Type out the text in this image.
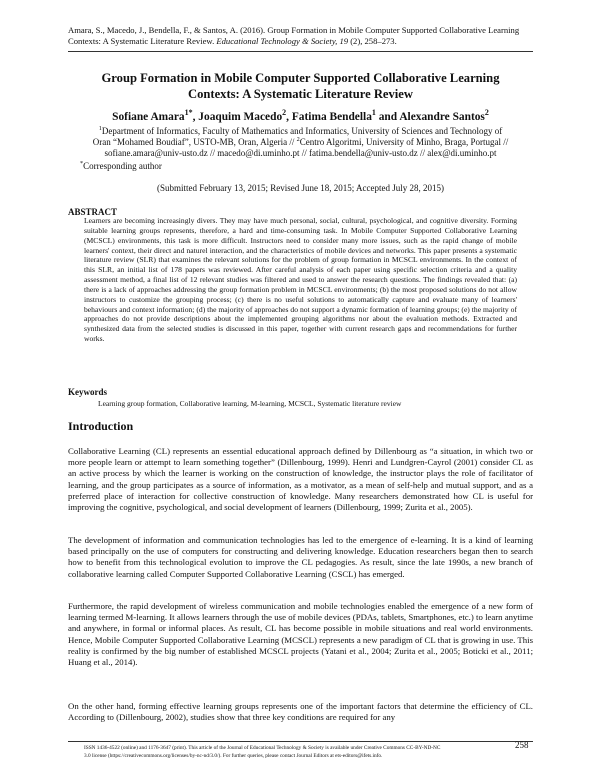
Amara, S., Macedo, J., Bendella, F., & Santos, A. (2016). Group Formation in Mobile Computer Supported Collaborative Learning Contexts: A Systematic Literature Review. Educational Technology & Society, 19 (2), 258–273.
Group Formation in Mobile Computer Supported Collaborative Learning
Contexts: A Systematic Literature Review
Sofiane Amara$^{1*}$, Joaquim Macedo$^2$, Fatima Bendella$^1$ and Alexandre Santos$^2$
$^1$Department of Informatics, Faculty of Mathematics and Informatics, University of Sciences and Technology of
Oran “Mohamed Boudiaf”, USTO-MB, Oran, Algeria // $^2$Centro Algoritmi, University of Minho, Braga, Portugal //
sofiane.amara@univ-usto.dz // macedo@di.uminho.pt // fatima.bendella@univ-usto.dz // alex@di.uminho.pt
*Corresponding author
(Submitted February 13, 2015; Revised June 18, 2015; Accepted July 28, 2015)
ABSTRACT
Learners are becoming increasingly divers. They may have much personal, social, cultural, psychological, and cognitive diversity. Forming suitable learning groups represents, therefore, a hard and time-consuming task. In Mobile Computer Supported Collaborative Learning (MCSCL) environments, this task is more difficult. Instructors need to consider many more issues, such as the rapid change of mobile learners' context, their direct and naturel interaction, and the characteristics of mobile devices and networks. This paper presents a systematic literature review (SLR) that examines the relevant solutions for the problem of group formation in MCSCL environments. In the context of this SLR, an initial list of 178 papers was reviewed. After careful analysis of each paper using specific selection criteria and a quality assessment method, a final list of 12 relevant studies was filtered and used to answer the research questions. The findings revealed that: (a) there is a lack of approaches addressing the group formation problem in MCSCL environments; (b) the most proposed solutions do not allow instructors to customize the grouping process; (c) there is no useful solutions to automatically capture and evaluate many of learners' behaviours and context information; (d) the majority of approaches do not support a dynamic formation of learning groups; (e) the majority of approaches do not provide descriptions about the implemented grouping algorithms nor about the evaluation methods. Extracted and synthesized data from the selected studies is discussed in this paper, together with current research gaps and recommendations for further works.
Keywords
Learning group formation, Collaborative learning, M-learning, MCSCL, Systematic literature review
Introduction
Collaborative Learning (CL) represents an essential educational approach defined by Dillenbourg as “a situation, in which two or more people learn or attempt to learn something together” (Dillenbourg, 1999). Henri and Lundgren-Cayrol (2001) consider CL as an active process by which the learner is working on the construction of knowledge, the instructor plays the role of facilitator of learning, and the group participates as a source of information, as a motivator, as a mean of self-help and mutual support, and as a preferred place of interaction for collective construction of knowledge. Many researchers demonstrated how CL is useful for improving the cognitive, psychological, and social development of learners (Dillenbourg, 1999; Zurita et al., 2005).
The development of information and communication technologies has led to the emergence of e-learning. It is a kind of learning based principally on the use of computers for constructing and delivering knowledge. Education researchers began then to search how to benefit from this technological evolution to improve the CL pedagogies. As result, since the late 1990s, a new branch of collaborative learning called Computer Supported Collaborative Learning (CSCL) has emerged.
Furthermore, the rapid development of wireless communication and mobile technologies enabled the emergence of a new form of learning termed M-learning. It allows learners through the use of mobile devices (PDAs, tablets, Smartphones, etc.) to learn anytime and anywhere, in formal or informal places. As result, CL has become possible in mobile situations and real world environments. Hence, Mobile Computer Supported Collaborative Learning (MCSCL) represents a new paradigm of CL that is growing in use. This reality is confirmed by the big number of established MCSCL projects (Yatani et al., 2004; Zurita et al., 2005; Boticki et al., 2011; Huang et al., 2014).
On the other hand, forming effective learning groups represents one of the important factors that determine the efficiency of CL. According to (Dillenbourg, 2002), studies show that three key conditions are required for any
ISSN 1436-4522 (online) and 1176-3647 (print). This article of the Journal of Educational Technology & Society is available under Creative Commons CC-BY-ND-NC
3.0 license (https://creativecommons.org/licenses/by-nc-nd/3.0/). For further queries, please contact Journal Editors at ets-editors@ifets.info.
258
